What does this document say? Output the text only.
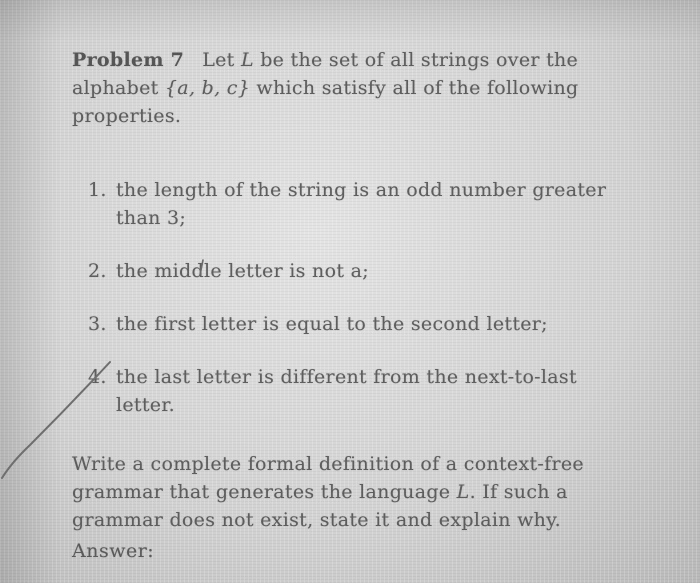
Problem 7 Let L be the set of all strings over the alphabet {a, b, c} which satisfy all of the following properties.
1. the length of the string is an odd number greater than 3;
2. the middle letter is not a;
3. the first letter is equal to the second letter;
4. the last letter is different from the next-to-last letter.
Write a complete formal definition of a context-free grammar that generates the language L. If such a grammar does not exist, state it and explain why.
Answer:
